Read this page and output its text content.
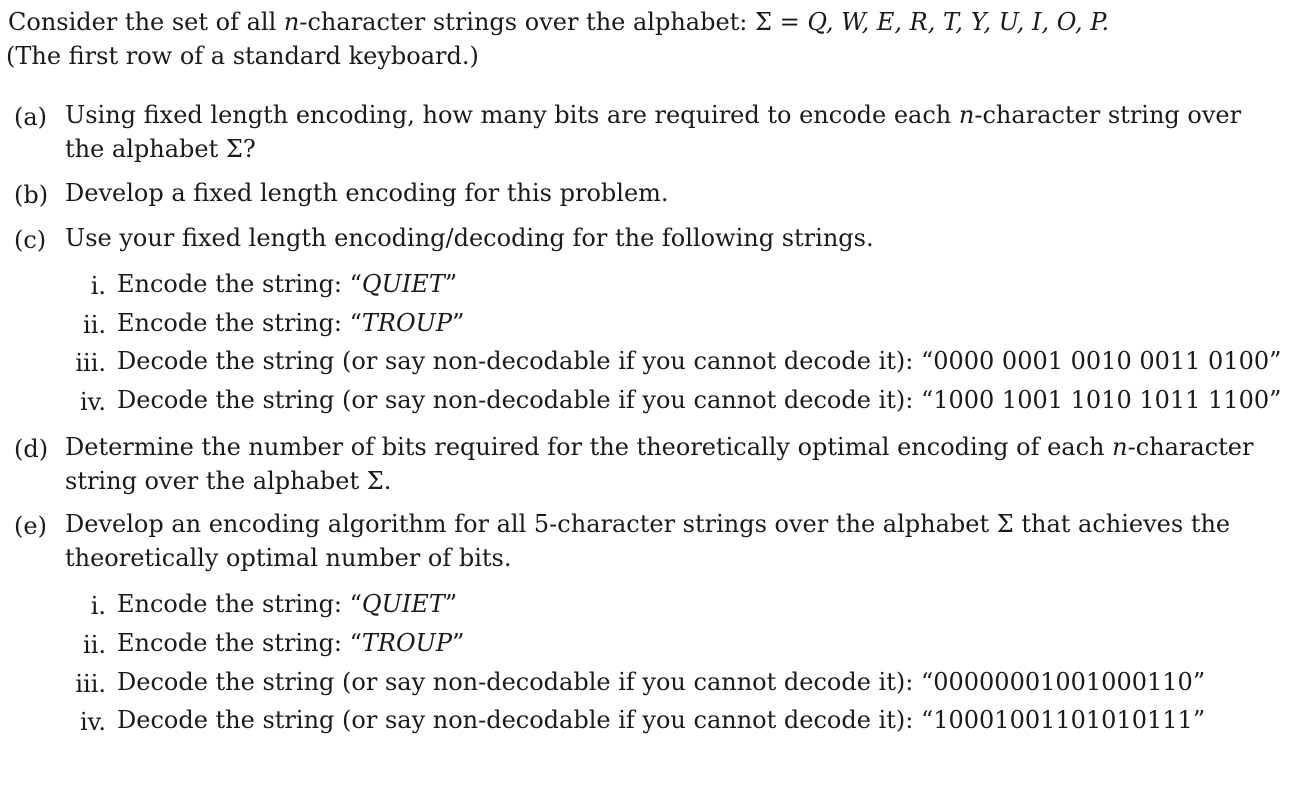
Consider the set of all n-character strings over the alphabet: Σ = Q, W, E, R, T, Y, U, I, O, P.
(The first row of a standard keyboard.)
(a) Using fixed length encoding, how many bits are required to encode each n-character string over
the alphabet Σ?
(b) Develop a fixed length encoding for this problem.
(c) Use your fixed length encoding/decoding for the following strings.
i. Encode the string: “QUIET”
ii. Encode the string: “TROUP”
iii. Decode the string (or say non-decodable if you cannot decode it): “0000 0001 0010 0011 0100”
iv. Decode the string (or say non-decodable if you cannot decode it): “1000 1001 1010 1011 1100”
(d) Determine the number of bits required for the theoretically optimal encoding of each n-character
string over the alphabet Σ.
(e) Develop an encoding algorithm for all 5-character strings over the alphabet Σ that achieves the
theoretically optimal number of bits.
i. Encode the string: “QUIET”
ii. Encode the string: “TROUP”
iii. Decode the string (or say non-decodable if you cannot decode it): “00000001001000110”
iv. Decode the string (or say non-decodable if you cannot decode it): “10001001101010111”
